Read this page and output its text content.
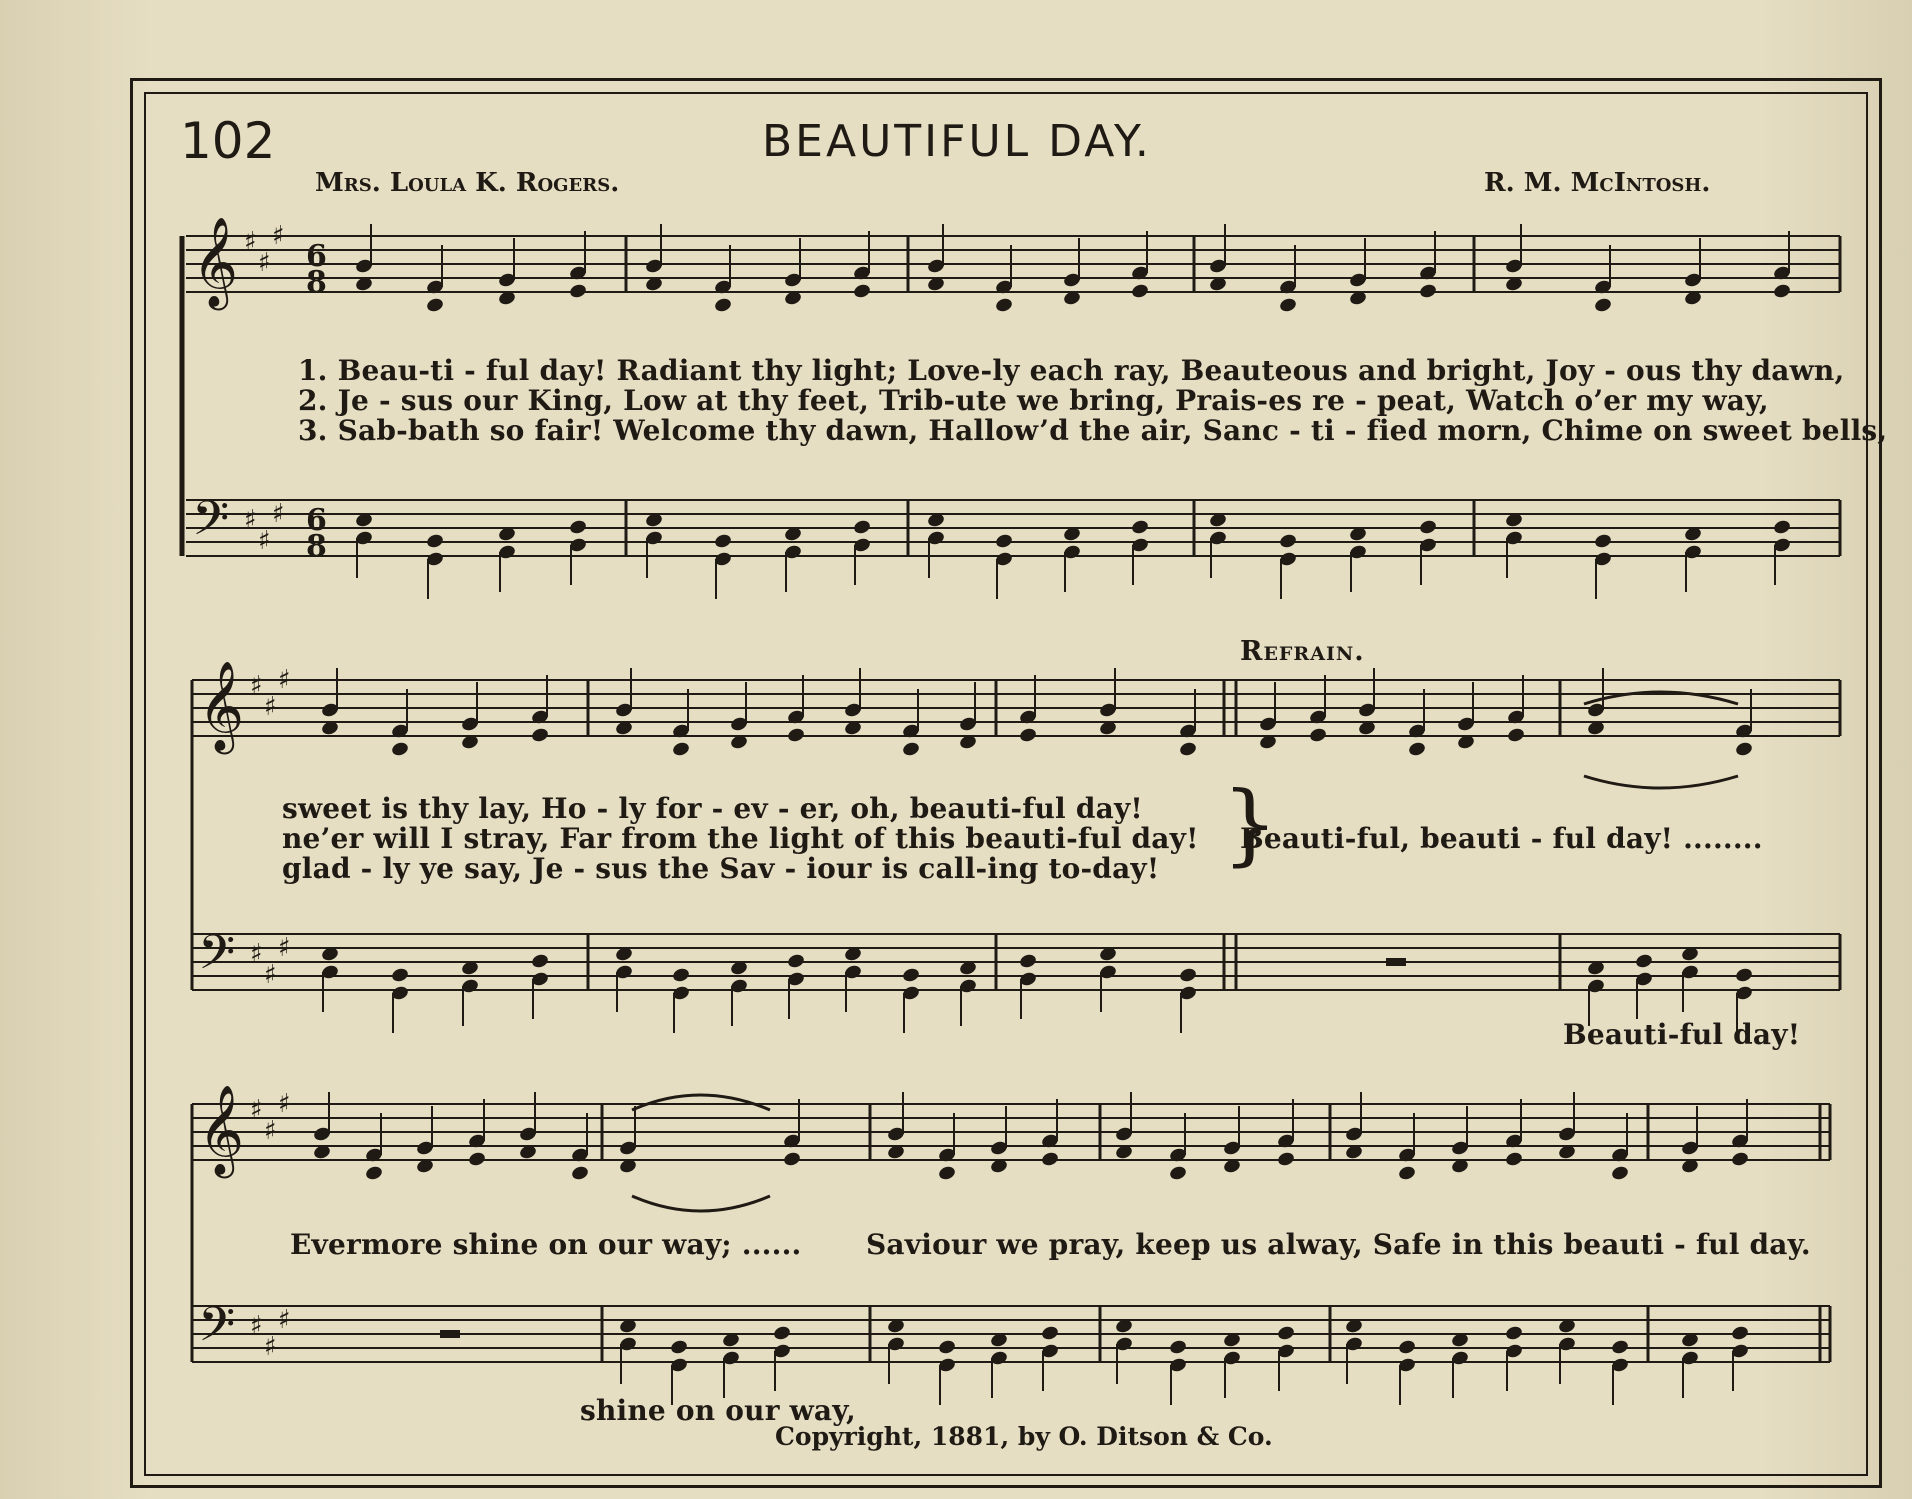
102	BEAUTIFUL DAY.
Mrs. Loula K. Rogers.	R. M. McIntosh.
𝄞 ♯
♯
♯
𝄢 ♯
♯
♯
6
8
6
8
𝄞 ♯
♯
♯
𝄢 ♯
♯
♯
𝄞 ♯
♯
♯
𝄢 ♯
♯
♯
Refrain.
1. Beau-ti - ful day! Radiant thy light; Love-ly each ray, Beauteous and bright, Joy - ous thy dawn,
2. Je - sus our King, Low at thy feet, Trib-ute we bring, Prais-es re - peat, Watch o’er my way,
3. Sab-bath so fair! Welcome thy dawn, Hallow’d the air, Sanc - ti - fied morn, Chime on sweet bells,
sweet is thy lay, Ho - ly for - ev - er, oh, beauti-ful day!
ne’er will I stray, Far from the light of this beauti-ful day!
glad - ly ye say, Je - sus the Sav - iour is call-ing to-day! }
Beauti-ful, beauti - ful day! ........
Beauti-ful day!
Evermore shine on our way; ...... Saviour we pray, keep us alway, Safe in this beauti - ful day.
shine on our way,
Copyright, 1881, by O. Ditson & Co.
